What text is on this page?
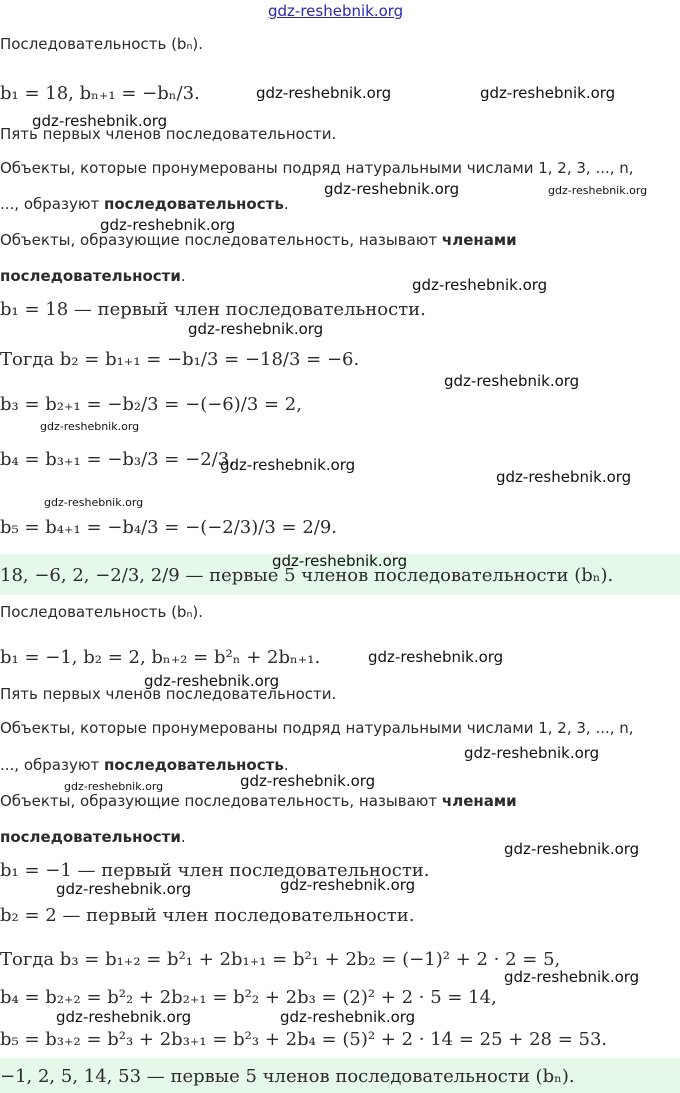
gdz-reshebnik.org
Последовательность (bₙ).
b₁ = 18, bₙ₊₁ = −bₙ/3.
Пять первых членов последовательности.
Объекты, которые пронумерованы подряд натуральными числами 1, 2, 3, ..., n,
..., образуют последовательность.
Объекты, образующие последовательность, называют членами
последовательности.
b₁ = 18 — первый член последовательности.
Тогда b₂ = b₁₊₁ = −b₁/3 = −18/3 = −6.
b₃ = b₂₊₁ = −b₂/3 = −(−6)/3 = 2,
b₄ = b₃₊₁ = −b₃/3 = −2/3,
b₅ = b₄₊₁ = −b₄/3 = −(−2/3)/3 = 2/9.
18, −6, 2, −2/3, 2/9 — первые 5 членов последовательности (bₙ).
Последовательность (bₙ).
b₁ = −1, b₂ = 2, bₙ₊₂ = b²ₙ + 2bₙ₊₁.
Пять первых членов последовательности.
Объекты, которые пронумерованы подряд натуральными числами 1, 2, 3, ..., n,
..., образуют последовательность.
Объекты, образующие последовательность, называют членами
последовательности.
b₁ = −1 — первый член последовательности.
b₂ = 2 — первый член последовательности.
Тогда b₃ = b₁₊₂ = b²₁ + 2b₁₊₁ = b²₁ + 2b₂ = (−1)² + 2 · 2 = 5,
b₄ = b₂₊₂ = b²₂ + 2b₂₊₁ = b²₂ + 2b₃ = (2)² + 2 · 5 = 14,
b₅ = b₃₊₂ = b²₃ + 2b₃₊₁ = b²₃ + 2b₄ = (5)² + 2 · 14 = 25 + 28 = 53.
−1, 2, 5, 14, 53 — первые 5 членов последовательности (bₙ).
gdz-reshebnik.org	gdz-reshebnik.org
gdz-reshebnik.org
gdz-reshebnik.org	gdz-reshebnik.org
gdz-reshebnik.org
gdz-reshebnik.org
gdz-reshebnik.org
gdz-reshebnik.org
gdz-reshebnik.org
gdz-reshebnik.org
gdz-reshebnik.org
gdz-reshebnik.org
gdz-reshebnik.org
gdz-reshebnik.org
gdz-reshebnik.org
gdz-reshebnik.org
gdz-reshebnik.org	gdz-reshebnik.org
gdz-reshebnik.org
gdz-reshebnik.org
gdz-reshebnik.org
gdz-reshebnik.org
gdz-reshebnik.org	gdz-reshebnik.org
